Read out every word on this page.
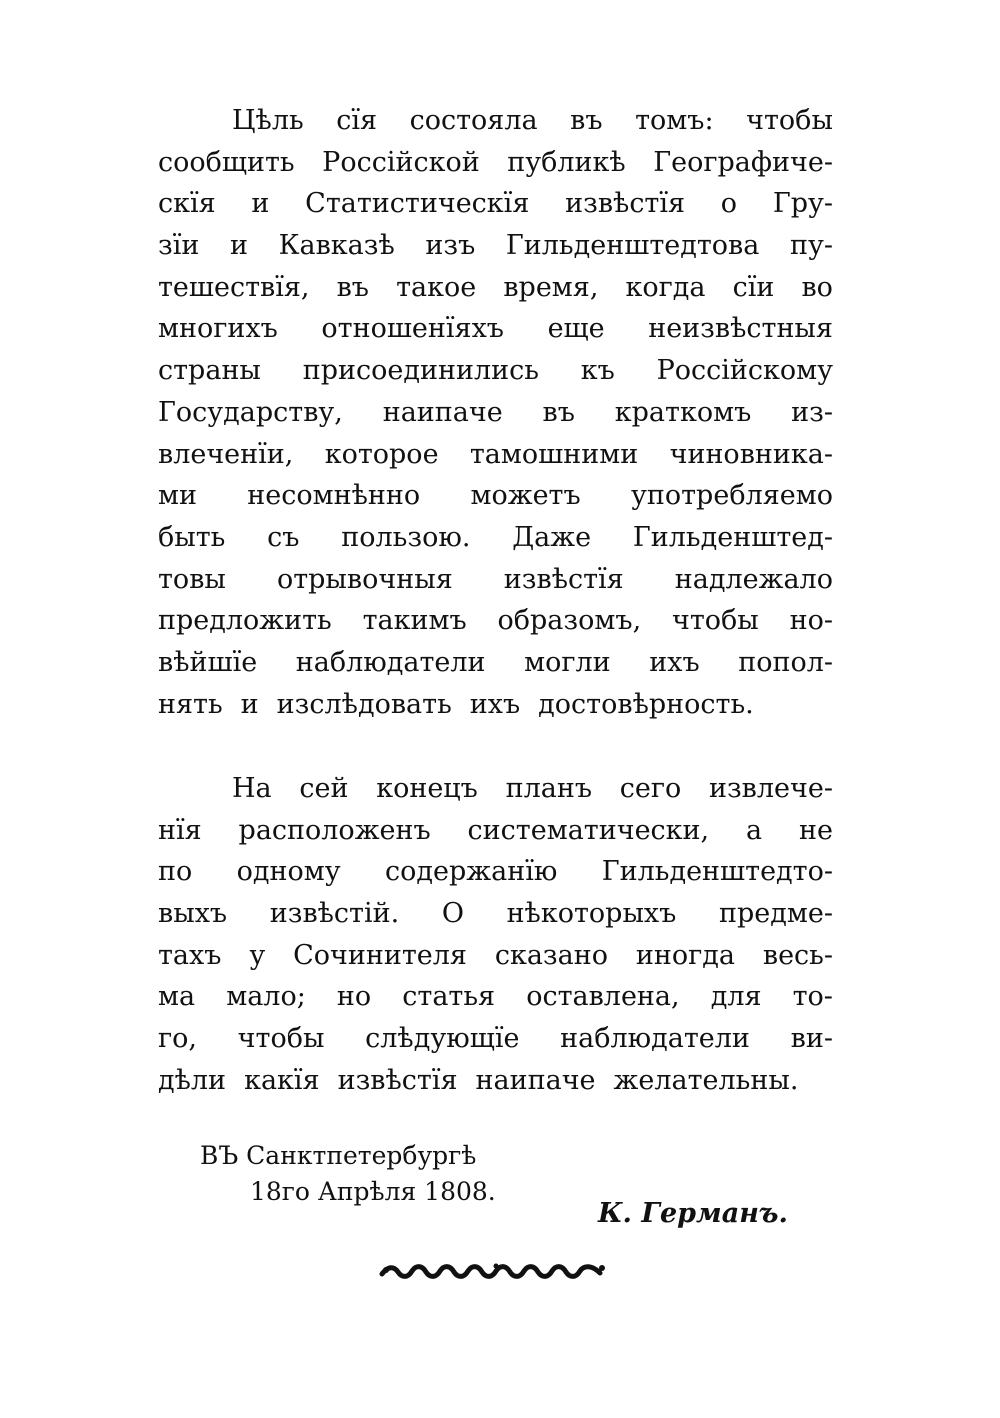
Цѣль сїя состояла въ томъ: чтобы
сообщить Россійской публикѣ Географиче-
скїя и Статистическїя извѣстїя о Гру-
зїи и Кавказѣ изъ Гильденштедтова пу-
тешествїя, въ такое время, когда сїи во
многихъ отношенїяхъ еще неизвѣстныя
страны присоединились къ Россійскому
Государству, наипаче въ краткомъ из-
влеченїи, которое тамошними чиновника-
ми несомнѣнно можетъ употребляемо
быть съ пользою. Даже Гильденштед-
товы отрывочныя извѣстїя надлежало
предложить такимъ образомъ, чтобы но-
вѣйшїе наблюдатели могли ихъ попол-
нять и изслѣдовать ихъ достовѣрность.
На сей конецъ планъ сего извлече-
нїя расположенъ систематически, а не
по одному содержанїю Гильденштедто-
выхъ извѣстій. О нѣкоторыхъ предме-
тахъ у Сочинителя сказано иногда весь-
ма мало; но статья оставлена, для то-
го, чтобы слѣдующїе наблюдатели ви-
дѣли какїя извѣстїя наипаче желательны.
ВЪ Санктпетербургѣ
18го Апрѣля 1808.
К. Германъ.
